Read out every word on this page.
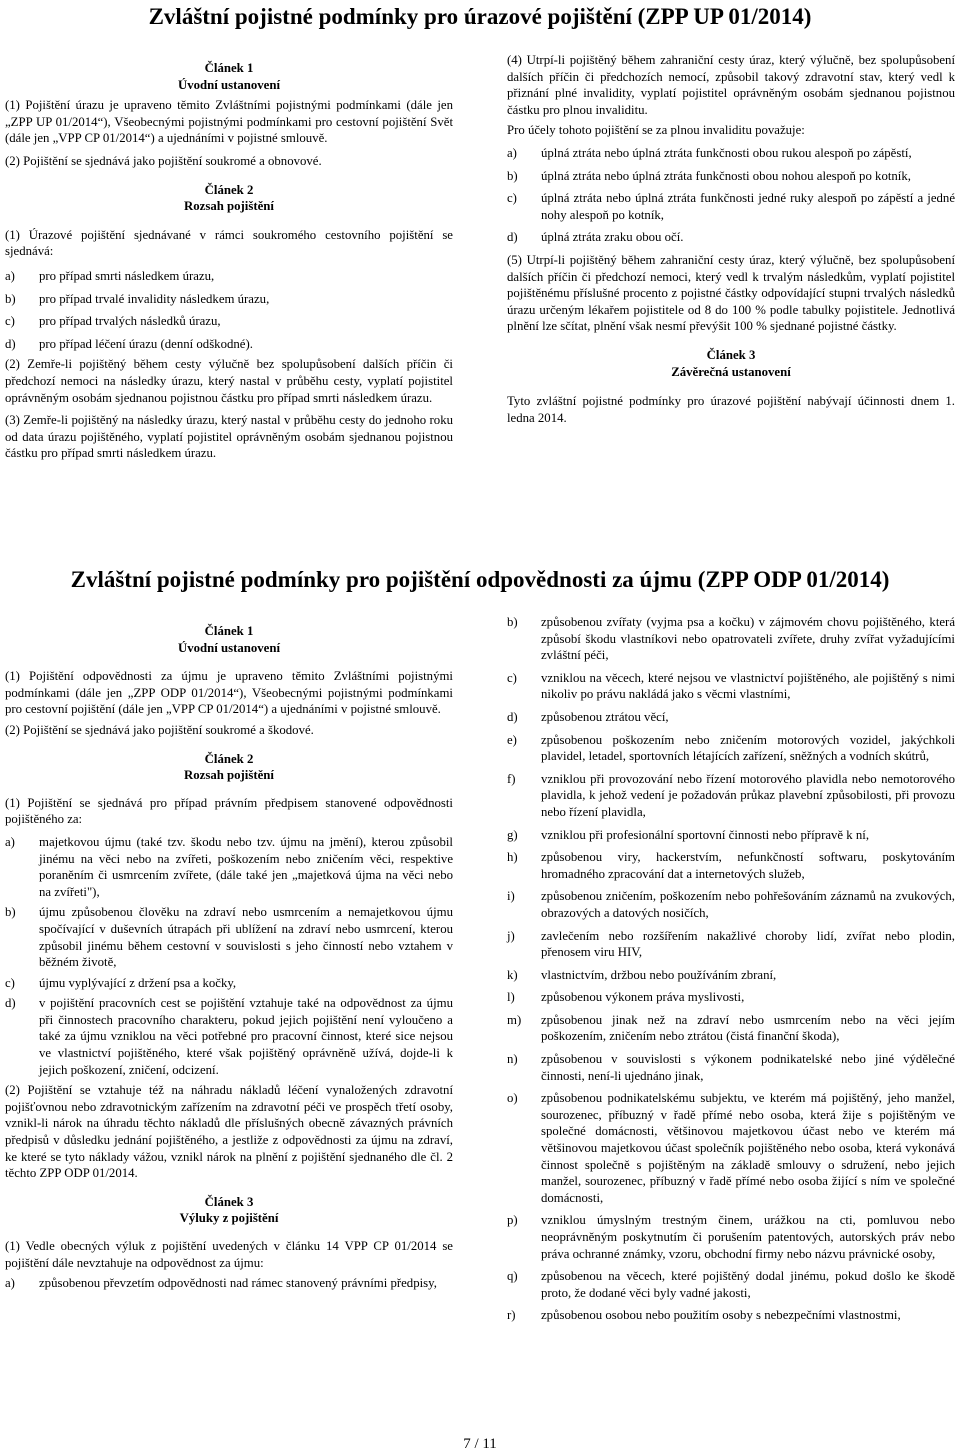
Zvláštní pojistné podmínky pro úrazové pojištění (ZPP UP 01/2014)

Článek 1

Úvodní ustanovení

(1) Pojištění úrazu je upraveno těmito Zvláštními pojistnými podmínkami (dále jen „ZPP UP 01/2014“), Všeobecnými pojistnými podmínkami pro cestovní pojištění Svět (dále jen „VPP CP 01/2014“) a ujednáními v pojistné smlouvě.

(2) Pojištění se sjednává jako pojištění soukromé a obnovové.

Článek 2

Rozsah pojištění

(1) Úrazové pojištění sjednávané v rámci soukromého cestovního pojištění se sjednává:

a)	pro případ smrti následkem úrazu,
b)	pro případ trvalé invalidity následkem úrazu,
c)	pro případ trvalých následků úrazu,
d)	pro případ léčení úrazu (denní odškodné).

(2) Zemře-li pojištěný během cesty výlučně bez spolupůsobení dalších příčin či předchozí nemoci na následky úrazu, který nastal v průběhu cesty, vyplatí pojistitel oprávněným osobám sjednanou pojistnou částku pro případ smrti následkem úrazu.

(3) Zemře-li pojištěný na následky úrazu, který nastal v průběhu cesty do jednoho roku od data úrazu pojištěného, vyplatí pojistitel oprávněným osobám sjednanou pojistnou částku pro případ smrti následkem úrazu.

(4) Utrpí-li pojištěný během zahraniční cesty úraz, který výlučně, bez spolupůsobení dalších příčin či předchozích nemocí, způsobil takový zdravotní stav, který vedl k přiznání plné invalidity, vyplatí pojistitel oprávněným osobám sjednanou pojistnou částku pro plnou invaliditu.

Pro účely tohoto pojištění se za plnou invaliditu považuje:

a)	úplná ztráta nebo úplná ztráta funkčnosti obou rukou alespoň po zápěstí,
b)	úplná ztráta nebo úplná ztráta funkčnosti obou nohou alespoň po kotník,
c)	úplná ztráta nebo úplná ztráta funkčnosti jedné ruky alespoň po zápěstí a jedné nohy alespoň po kotník,
d)	úplná ztráta zraku obou očí.

(5) Utrpí-li pojištěný během zahraniční cesty úraz, který výlučně, bez spolupůsobení dalších příčin či předchozí nemoci, který vedl k trvalým následkům, vyplatí pojistitel pojištěnému příslušné procento z pojistné částky odpovídající stupni trvalých následků úrazu určeným lékařem pojistitele od 8 do 100 % podle tabulky pojistitele. Jednotlivá plnění lze sčítat, plnění však nesmí převýšit 100 % sjednané pojistné částky.

Článek 3

Závěrečná ustanovení

Tyto zvláštní pojistné podmínky pro úrazové pojištění nabývají účinnosti dnem 1. ledna 2014.

Zvláštní pojistné podmínky pro pojištění odpovědnosti za újmu (ZPP ODP 01/2014)

Článek 1

Úvodní ustanovení

(1) Pojištění odpovědnosti za újmu je upraveno těmito Zvláštními pojistnými podmínkami (dále jen „ZPP ODP 01/2014“), Všeobecnými pojistnými podmínkami pro cestovní pojištění (dále jen „VPP CP 01/2014“) a ujednáními v pojistné smlouvě.

(2) Pojištění se sjednává jako pojištění soukromé a škodové.

Článek 2

Rozsah pojištění

(1) Pojištění se sjednává pro případ právním předpisem stanovené odpovědnosti pojištěného za:

a)	majetkovou újmu (také tzv. škodu nebo tzv. újmu na jmění), kterou způsobil jinému na věci nebo na zvířeti, poškozením nebo zničením věci, respektive poraněním či usmrcením zvířete, (dále také jen „majetková újma na věci nebo na zvířeti"),
b)	újmu způsobenou člověku na zdraví nebo usmrcením a nemajetkovou újmu spočívající v duševních útrapách při ublížení na zdraví nebo usmrcení, kterou způsobil jinému během cestovní v souvislosti s jeho činností nebo vztahem v běžném životě,
c)	újmu vyplývající z držení psa a kočky,
d)	v pojištění pracovních cest se pojištění vztahuje také na odpovědnost za újmu při činnostech pracovního charakteru, pokud jejich pojištění není vyloučeno a také za újmu vzniklou na věci potřebné pro pracovní činnost, které sice nejsou ve vlastnictví pojištěného, které však pojištěný oprávněně užívá, dojde-li k jejich poškození, zničení, odcizení.

(2) Pojištění se vztahuje též na náhradu nákladů léčení vynaložených zdravotní pojišťovnou nebo zdravotnickým zařízením na zdravotní péči ve prospěch třetí osoby, vznikl-li nárok na úhradu těchto nákladů dle příslušných obecně závazných právních předpisů v důsledku jednání pojištěného, a jestliže z odpovědnosti za újmu na zdraví, ke které se tyto náklady vážou, vznikl nárok na plnění z pojištění sjednaného dle čl. 2 těchto ZPP ODP 01/2014.

Článek 3

Výluky z pojištění

(1) Vedle obecných výluk z pojištění uvedených v článku 14 VPP CP 01/2014 se pojištění dále nevztahuje na odpovědnost za újmu:

a)	způsobenou převzetím odpovědnosti nad rámec stanovený právními předpisy,
b)	způsobenou zvířaty (vyjma psa a kočku) v zájmovém chovu pojištěného, která způsobí škodu vlastníkovi nebo opatrovateli zvířete, druhy zvířat vyžadujícími zvláštní péči,
c)	vzniklou na věcech, které nejsou ve vlastnictví pojištěného, ale pojištěný s nimi nikoliv po právu nakládá jako s věcmi vlastními,
d)	způsobenou ztrátou věcí,
e)	způsobenou poškozením nebo zničením motorových vozidel, jakýchkoli plavidel, letadel, sportovních létajících zařízení, sněžných a vodních skútrů,
f)	vzniklou při provozování nebo řízení motorového plavidla nebo nemotorového plavidla, k jehož vedení je požadován průkaz plavební způsobilosti, při provozu nebo řízení plavidla,
g)	vzniklou při profesionální sportovní činnosti nebo přípravě k ní,
h)	způsobenou viry, hackerstvím, nefunkčností softwaru, poskytováním hromadného zpracování dat a internetových služeb,
i)	způsobenou zničením, poškozením nebo pohřešováním záznamů na zvukových, obrazových a datových nosičích,
j)	zavlečením nebo rozšířením nakažlivé choroby lidí, zvířat nebo plodin, přenosem viru HIV,
k)	vlastnictvím, držbou nebo používáním zbraní,
l)	způsobenou výkonem práva myslivosti,
m)	způsobenou jinak než na zdraví nebo usmrcením nebo na věci jejím poškozením, zničením nebo ztrátou (čistá finanční škoda),
n)	způsobenou v souvislosti s výkonem podnikatelské nebo jiné výdělečné činnosti, není-li ujednáno jinak,
o)	způsobenou podnikatelskému subjektu, ve kterém má pojištěný, jeho manžel, sourozenec, příbuzný v řadě přímé nebo osoba, která žije s pojištěným ve společné domácnosti, většinovou majetkovou účast nebo ve kterém má většinovou majetkovou účast společník pojištěného nebo osoba, která vykonává činnost společně s pojištěným na základě smlouvy o sdružení, nebo jejich manžel, sourozenec, příbuzný v řadě přímé nebo osoba žijící s ním ve společné domácnosti,
p)	vzniklou úmyslným trestným činem, urážkou na cti, pomluvou nebo neoprávněným poskytnutím či porušením patentových, autorských práv nebo práva ochranné známky, vzoru, obchodní firmy nebo názvu právnické osoby,
q)	způsobenou na věcech, které pojištěný dodal jinému, pokud došlo ke škodě proto, že dodané věci byly vadné jakosti,
r)	způsobenou osobou nebo použitím osoby s nebezpečními vlastnostmi,
7 / 11
